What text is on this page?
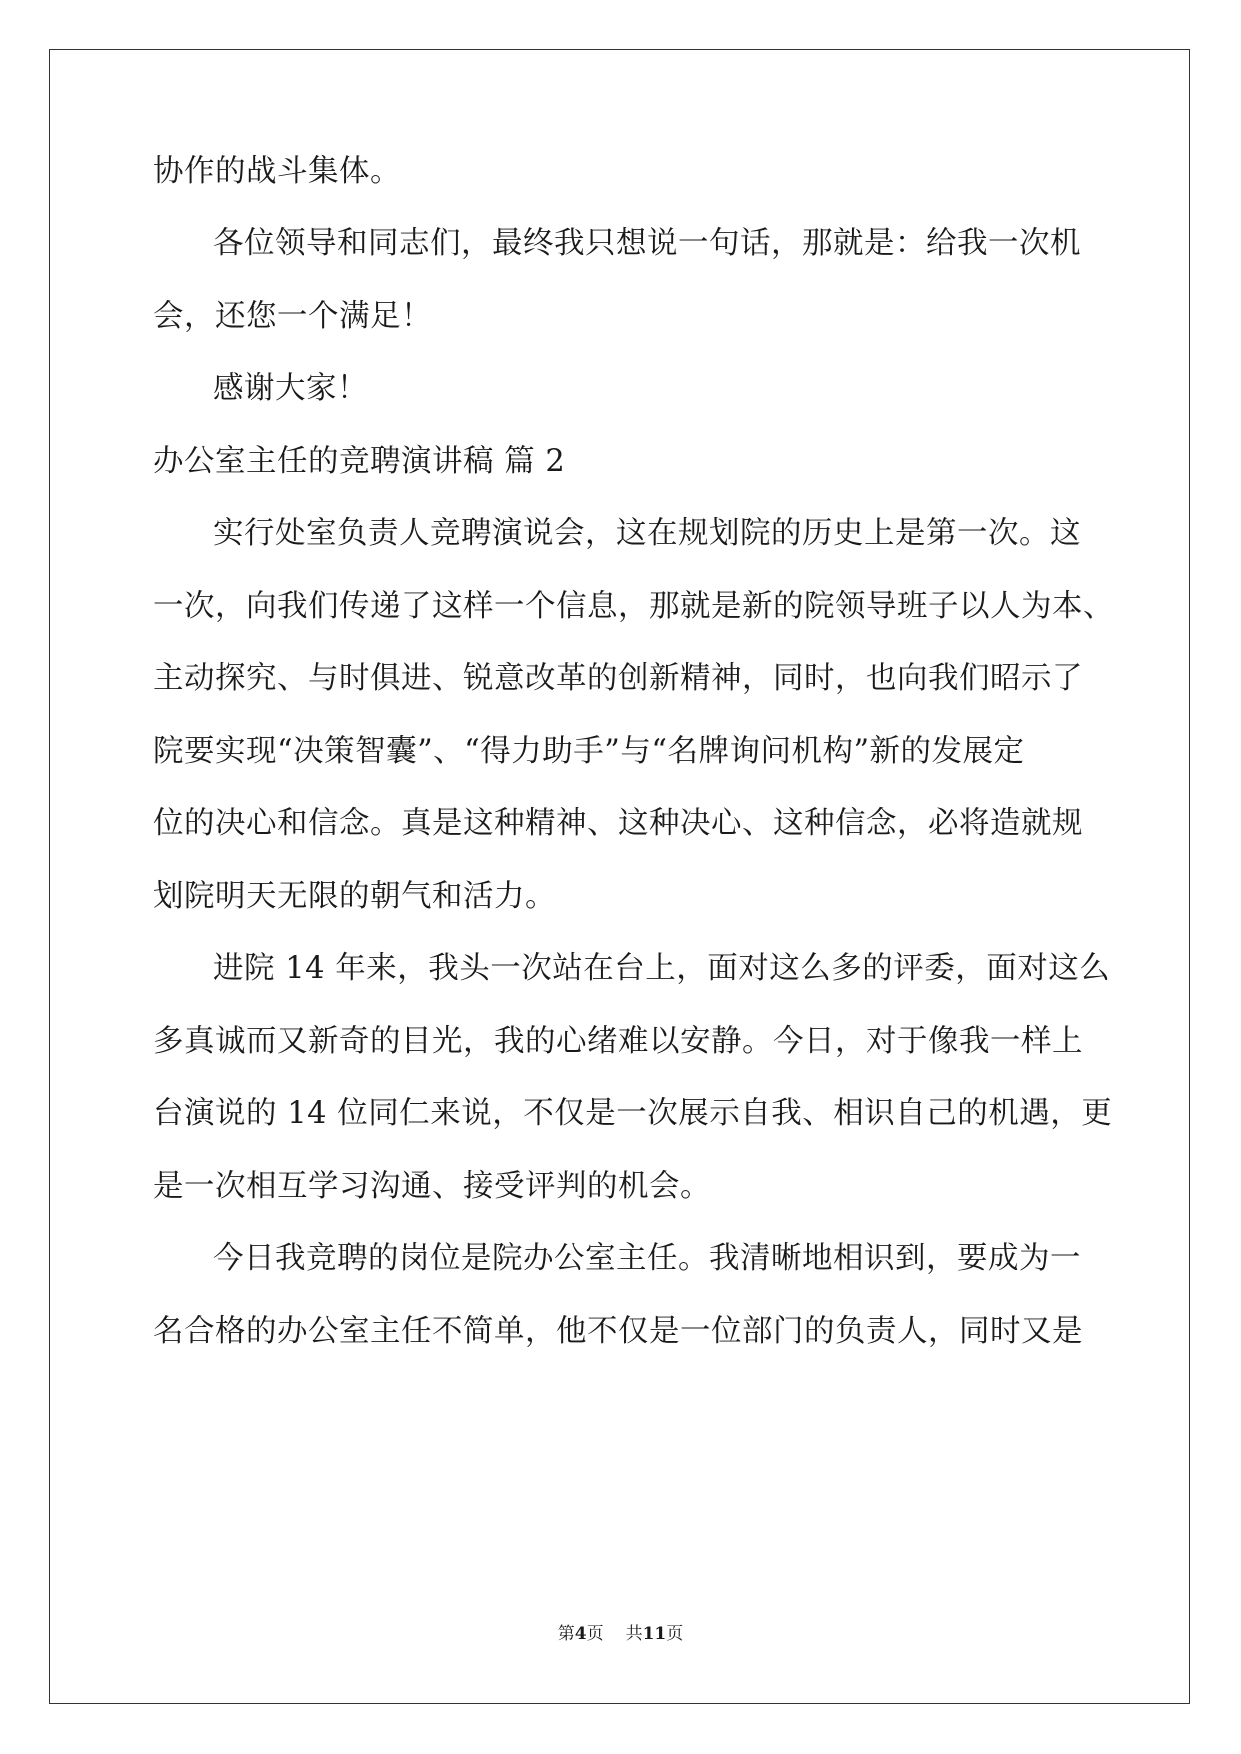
协作的战斗集体。
各位领导和同志们，最终我只想说一句话，那就是：给我一次机
会，还您一个满足！
感谢大家！
办公室主任的竞聘演讲稿 篇 2
实行处室负责人竞聘演说会，这在规划院的历史上是第一次。这
一次，向我们传递了这样一个信息，那就是新的院领导班子以人为本、
主动探究、与时俱进、锐意改革的创新精神，同时，也向我们昭示了
院要实现“决策智囊”、“得力助手”与“名牌询问机构”新的发展定
位的决心和信念。真是这种精神、这种决心、这种信念，必将造就规
划院明天无限的朝气和活力。
进院 14 年来，我头一次站在台上，面对这么多的评委，面对这么
多真诚而又新奇的目光，我的心绪难以安静。今日，对于像我一样上
台演说的 14 位同仁来说，不仅是一次展示自我、相识自己的机遇，更
是一次相互学习沟通、接受评判的机会。
今日我竞聘的岗位是院办公室主任。我清晰地相识到，要成为一
名合格的办公室主任不简单，他不仅是一位部门的负责人，同时又是
第4页 共11页
